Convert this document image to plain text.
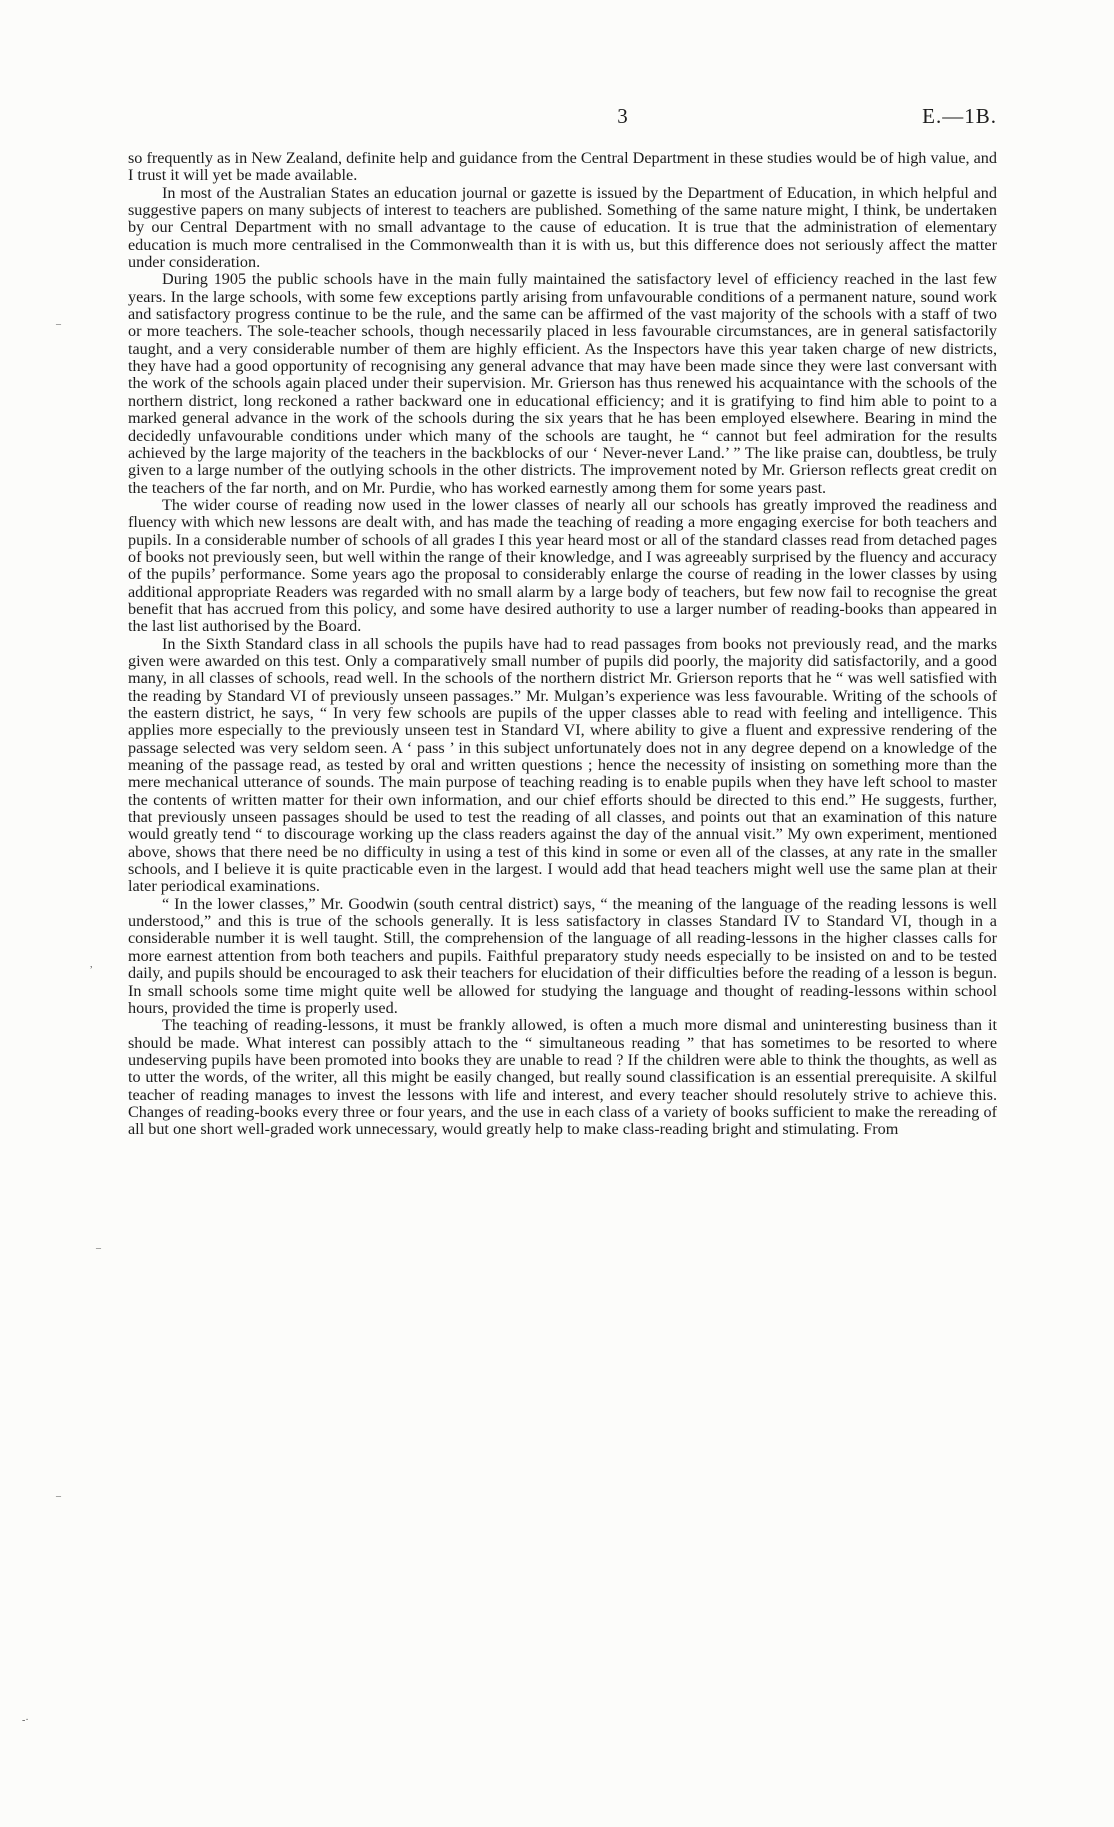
3	E.—1B.
–
,
–
–
-·

so frequently as in New Zealand, definite help and guidance from the Central Department in these studies would be of high value, and I trust it will yet be made available.

In most of the Australian States an education journal or gazette is issued by the Department of Education, in which helpful and suggestive papers on many subjects of interest to teachers are published. Something of the same nature might, I think, be undertaken by our Central Department with no small advantage to the cause of education. It is true that the administration of elementary education is much more centralised in the Commonwealth than it is with us, but this difference does not seriously affect the matter under consideration.

During 1905 the public schools have in the main fully maintained the satisfactory level of efficiency reached in the last few years. In the large schools, with some few exceptions partly arising from unfavourable conditions of a permanent nature, sound work and satisfactory progress continue to be the rule, and the same can be affirmed of the vast majority of the schools with a staff of two or more teachers. The sole-teacher schools, though necessarily placed in less favourable circumstances, are in general satisfactorily taught, and a very considerable number of them are highly efficient. As the Inspectors have this year taken charge of new districts, they have had a good opportunity of recognising any general advance that may have been made since they were last conversant with the work of the schools again placed under their supervision. Mr. Grierson has thus renewed his acquaintance with the schools of the northern district, long reckoned a rather backward one in educational efficiency; and it is gratifying to find him able to point to a marked general advance in the work of the schools during the six years that he has been employed elsewhere. Bearing in mind the decidedly unfavourable conditions under which many of the schools are taught, he “ cannot but feel admiration for the results achieved by the large majority of the teachers in the backblocks of our ‘ Never-never Land.’ ” The like praise can, doubtless, be truly given to a large number of the outlying schools in the other districts. The improvement noted by Mr. Grierson reflects great credit on the teachers of the far north, and on Mr. Purdie, who has worked earnestly among them for some years past.

The wider course of reading now used in the lower classes of nearly all our schools has greatly improved the readiness and fluency with which new lessons are dealt with, and has made the teaching of reading a more engaging exercise for both teachers and pupils. In a considerable number of schools of all grades I this year heard most or all of the standard classes read from detached pages of books not previously seen, but well within the range of their knowledge, and I was agreeably surprised by the fluency and accuracy of the pupils’ performance. Some years ago the proposal to considerably enlarge the course of reading in the lower classes by using additional appropriate Readers was regarded with no small alarm by a large body of teachers, but few now fail to recognise the great benefit that has accrued from this policy, and some have desired authority to use a larger number of reading-books than appeared in the last list authorised by the Board.

In the Sixth Standard class in all schools the pupils have had to read passages from books not previously read, and the marks given were awarded on this test. Only a comparatively small number of pupils did poorly, the majority did satisfactorily, and a good many, in all classes of schools, read well. In the schools of the northern district Mr. Grierson reports that he “ was well satisfied with the reading by Standard VI of previously unseen passages.” Mr. Mulgan’s experience was less favourable. Writing of the schools of the eastern district, he says, “ In very few schools are pupils of the upper classes able to read with feeling and intelligence. This applies more especially to the previously unseen test in Standard VI, where ability to give a fluent and expressive rendering of the passage selected was very seldom seen. A ‘ pass ’ in this subject unfortunately does not in any degree depend on a knowledge of the meaning of the passage read, as tested by oral and written questions ; hence the necessity of insisting on something more than the mere mechanical utterance of sounds. The main purpose of teaching reading is to enable pupils when they have left school to master the contents of written matter for their own information, and our chief efforts should be directed to this end.” He suggests, further, that previously unseen passages should be used to test the reading of all classes, and points out that an examination of this nature would greatly tend “ to discourage working up the class readers against the day of the annual visit.” My own experiment, mentioned above, shows that there need be no difficulty in using a test of this kind in some or even all of the classes, at any rate in the smaller schools, and I believe it is quite practicable even in the largest. I would add that head teachers might well use the same plan at their later periodical examinations.

“ In the lower classes,” Mr. Goodwin (south central district) says, “ the meaning of the language of the reading lessons is well understood,” and this is true of the schools generally. It is less satisfactory in classes Standard IV to Standard VI, though in a considerable number it is well taught. Still, the comprehension of the language of all reading-lessons in the higher classes calls for more earnest attention from both teachers and pupils. Faithful preparatory study needs especially to be insisted on and to be tested daily, and pupils should be encouraged to ask their teachers for elucidation of their difficulties before the reading of a lesson is begun. In small schools some time might quite well be allowed for studying the language and thought of reading-lessons within school hours, provided the time is properly used.

The teaching of reading-lessons, it must be frankly allowed, is often a much more dismal and uninteresting business than it should be made. What interest can possibly attach to the “ simultaneous reading ” that has sometimes to be resorted to where undeserving pupils have been promoted into books they are unable to read ? If the children were able to think the thoughts, as well as to utter the words, of the writer, all this might be easily changed, but really sound classification is an essential prerequisite. A skilful teacher of reading manages to invest the lessons with life and interest, and every teacher should resolutely strive to achieve this. Changes of reading-books every three or four years, and the use in each class of a variety of books sufficient to make the rereading of all but one short well-graded work unnecessary, would greatly help to make class-reading bright and stimulating. From
